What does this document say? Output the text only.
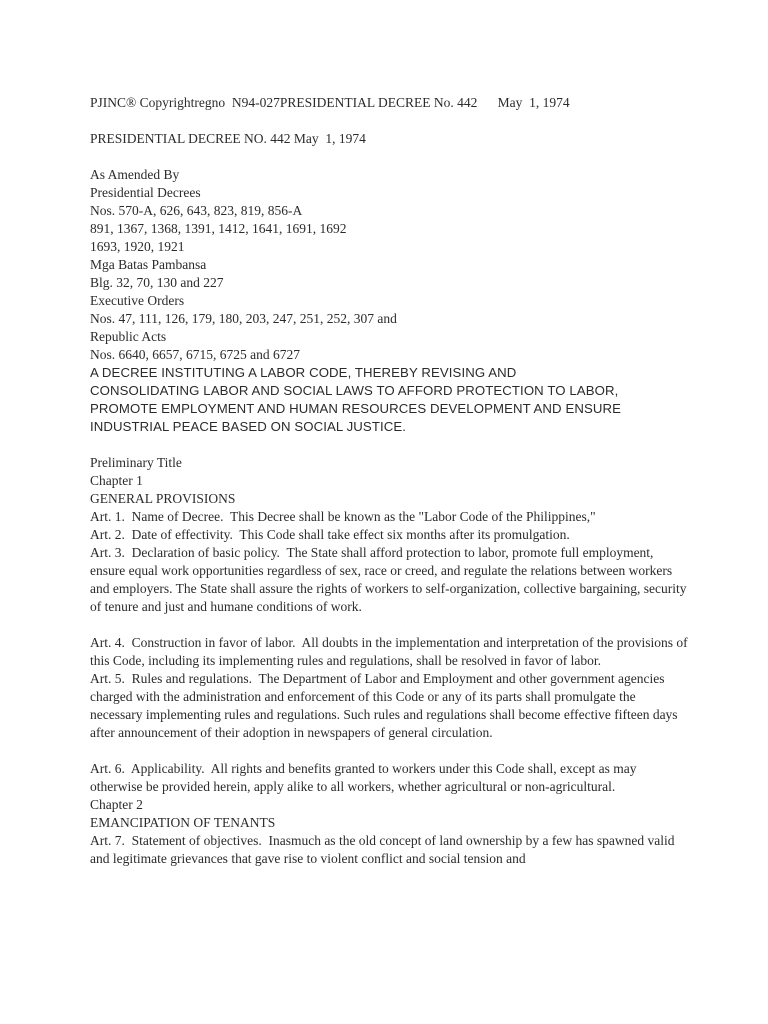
PJINC® Copyrightregno  N94-027PRESIDENTIAL DECREE No. 442      May  1, 1974

PRESIDENTIAL DECREE NO. 442 May  1, 1974

As Amended By

Presidential Decrees

Nos. 570-A, 626, 643, 823, 819, 856-A

891, 1367, 1368, 1391, 1412, 1641, 1691, 1692

1693, 1920, 1921

Mga Batas Pambansa

Blg. 32, 70, 130 and 227

Executive Orders

Nos. 47, 111, 126, 179, 180, 203, 247, 251, 252, 307 and

Republic Acts

Nos. 6640, 6657, 6715, 6725 and 6727

A DECREE INSTITUTING A LABOR CODE, THEREBY REVISING AND

CONSOLIDATING LABOR AND SOCIAL LAWS TO AFFORD PROTECTION TO LABOR,

PROMOTE EMPLOYMENT AND HUMAN RESOURCES DEVELOPMENT AND ENSURE

INDUSTRIAL PEACE BASED ON SOCIAL JUSTICE.

Preliminary Title

Chapter 1

GENERAL PROVISIONS

Art. 1.  Name of Decree.  This Decree shall be known as the "Labor Code of the Philippines,"

Art. 2.  Date of effectivity.  This Code shall take effect six months after its promulgation.

Art. 3.  Declaration of basic policy.  The State shall afford protection to labor, promote full employment, ensure equal work opportunities regardless of sex, race or creed, and regulate the relations between workers and employers. The State shall assure the rights of workers to self-organization, collective bargaining, security of tenure and just and humane conditions of work.

Art. 4.  Construction in favor of labor.  All doubts in the implementation and interpretation of the provisions of this Code, including its implementing rules and regulations, shall be resolved in favor of labor.

Art. 5.  Rules and regulations.  The Department of Labor and Employment and other government agencies charged with the administration and enforcement of this Code or any of its parts shall promulgate the necessary implementing rules and regulations. Such rules and regulations shall become effective fifteen days after announcement of their adoption in newspapers of general circulation.

Art. 6.  Applicability.  All rights and benefits granted to workers under this Code shall, except as may otherwise be provided herein, apply alike to all workers, whether agricultural or non-agricultural.

Chapter 2

EMANCIPATION OF TENANTS

Art. 7.  Statement of objectives.  Inasmuch as the old concept of land ownership by a few has spawned valid and legitimate grievances that gave rise to violent conflict and social tension and
